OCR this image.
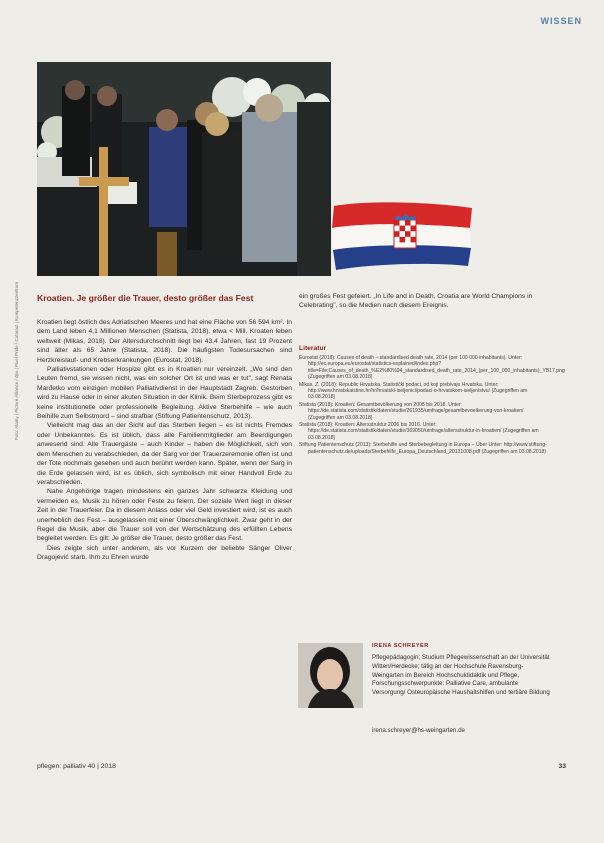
WISSEN
Foto: Alamy | Picture Alliance / dpa | Pixel Pride / Cataract | Kompetenzzentrum Kroatien. Je größer die Trauer, desto größer das Fest

Kroatien liegt östlich des Adriatischen Meeres und hat eine Fläche von 56 594 km². In dem Land leben 4,1 Millionen Menschen (Statista, 2018), etwa < Mill. Kroaten leben weltweit (Mikas, 2018). Der Altersdurchschnitt liegt bei 43,4 Jahren, fast 19 Prozent sind älter als 65 Jahre (Statista, 2018). Die häufigsten Todesursachen sind Herzkreislauf- und Krebserkrankungen (Eurostat, 2018).

Palliativstationen oder Hospize gibt es in Kroatien nur vereinzelt. „Wo sind den Leuten fremd, sie wissen nicht, was ein solcher Ort ist und was er tut", sagt Renata Marđetko vom einzigen mobilen Palliativdienst in der Hauptstadt Zagreb. Gestorben wird zu Hause oder in einer akuten Situation in der Klinik. Beim Sterbeprozess gibt es keine institutionelle oder professionelle Begleitung. Aktive Sterbehilfe – wie auch Beihilfe zum Selbstmord – sind strafbar (Stiftung Patientenschutz, 2013).

Vielleicht mag das an der Sicht auf das Sterben liegen – es ist nichts Fremdes oder Unbekanntes. Es ist üblich, dass alle Familienmitglieder am Beerdigungen anwesend sind. Alle Trauergäste – auch Kinder – haben die Möglichkeit, sich von dem Menschen zu verabschieden, da der Sarg vor der Trauerzeremonie offen ist und der Tote nochmals gesehen und auch berührt werden kann. Später, wenn der Sarg in die Erde gelassen wird, ist es üblich, sich symbolisch mit einer Handvoll Erde zu verabschieden.

Nahe Angehörige tragen mindestens ein ganzes Jahr schwarze Kleidung und vermeiden es, Musik zu hören oder Feste zu feiern. Der soziale Wert liegt in dieser Zeit in der Trauerfeier. Da in diesem Anlass oder viel Geld investiert wird, ist es auch unerheblich des Fest – ausgelassen mit einer Überschwänglichkeit. Zwar geht in der Regel die Musik, aber die Trauer soll von der Wertschätzung des erfüllten Lebens begleitet werden. Es gilt: Je größer die Trauer, desto größer das Fest.

Dies zeigte sich unter anderem, als vor Kurzem der beliebte Sänger Oliver Dragojević starb. Ihm zu Ehren wurde

ein großes Fest gefeiert. „In Life and in Death, Croatia are World Champions in Celebrating", so die Medien nach diesem Ereignis.

Literatur
Eurostat (2018): Causes of death – standardised death rate, 2014 (per 100 000 inhabitants). Unter: http://ec.europa.eu/eurostat/statistics-explained/index.php?title=File:Causes_of_death_%E2%80%94_standardised_death_rate_2014_(per_100_000_inhabitants)_YB17.png (Zugegriffen am 03.08.2018)
Mikas, Z. (2018): Republic Hrvatska. Statistički podaci, od koji prebivaju Hrvatska. Unter: http://www.hrvatskaistine.hr/hr/hrvatski-iseljenici/podaci-o-hrvatskom-iseljenistvu/ (Zugegriffen am 03.08.2018)
Statista (2018): Kroatien: Gesamtbevölkerung von 2008 bis 2018. Unter: https://de.statista.com/statistik/daten/studie/261935/umfrage/gesamtbevoelkerung-von-kroatien/ (Zugegriffen am 03.08.2018)
Statista (2018): Kroatien: Altersstruktur 2006 bis 2016. Unter: https://de.statista.com/statistik/daten/studie/369050/umfrage/altersstruktur-in-kroatien/ (Zugegriffen am 03.08.2018)
Stiftung Patientenschutz (2013): Sterbehilfe und Sterbebegleitung in Europa – Über Unter: http://www.stiftung-patientenschutz.de/uploads/Sterbehilfe_Europa_Deutschland_20131008.pdf (Zugegriffen am 03.08.2018)
IRENA SCHREYER
Pflegepädagogin; Studium Pflegewissenschaft an der Universität Witten/Herdecke; tätig an der Hochschule Ravensburg-Weingarten im Bereich Hochschuldidaktik und Pflege, Forschungsschwerpunkte: Palliative Care, ambulante Versorgung/ Osteuropäische Haushaltshilfen und tertiäre Bildung
irena.schreyer@hs-weingarten.de
pflegen: palliativ 40 | 2018	33
